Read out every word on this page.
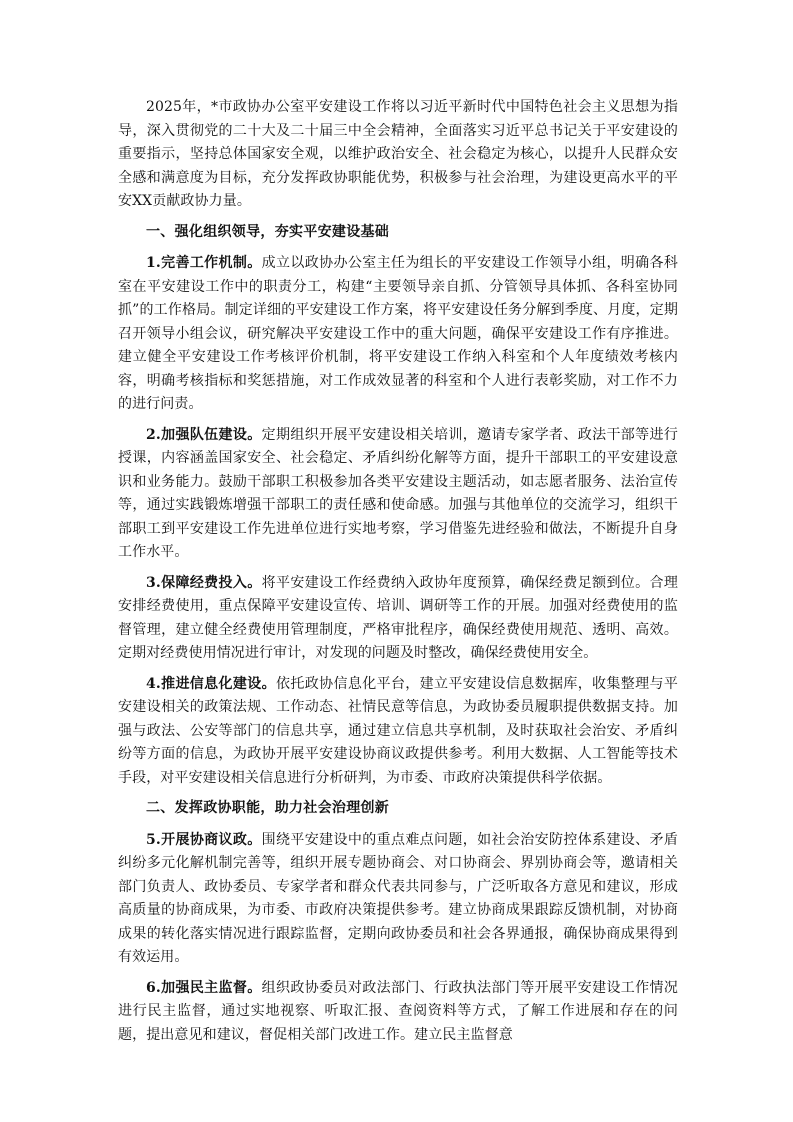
2025年，*市政协办公室平安建设工作将以习近平新时代中国特色社会主义思想为指导，深入贯彻党的二十大及二十届三中全会精神，全面落实习近平总书记关于平安建设的重要指示，坚持总体国家安全观，以维护政治安全、社会稳定为核心，以提升人民群众安全感和满意度为目标，充分发挥政协职能优势，积极参与社会治理，为建设更高水平的平安XX贡献政协力量。

一、强化组织领导，夯实平安建设基础

1.完善工作机制。成立以政协办公室主任为组长的平安建设工作领导小组，明确各科室在平安建设工作中的职责分工，构建“主要领导亲自抓、分管领导具体抓、各科室协同抓”的工作格局。制定详细的平安建设工作方案，将平安建设任务分解到季度、月度，定期召开领导小组会议，研究解决平安建设工作中的重大问题，确保平安建设工作有序推进。建立健全平安建设工作考核评价机制，将平安建设工作纳入科室和个人年度绩效考核内容，明确考核指标和奖惩措施，对工作成效显著的科室和个人进行表彰奖励，对工作不力的进行问责。

2.加强队伍建设。定期组织开展平安建设相关培训，邀请专家学者、政法干部等进行授课，内容涵盖国家安全、社会稳定、矛盾纠纷化解等方面，提升干部职工的平安建设意识和业务能力。鼓励干部职工积极参加各类平安建设主题活动，如志愿者服务、法治宣传等，通过实践锻炼增强干部职工的责任感和使命感。加强与其他单位的交流学习，组织干部职工到平安建设工作先进单位进行实地考察，学习借鉴先进经验和做法，不断提升自身工作水平。

3.保障经费投入。将平安建设工作经费纳入政协年度预算，确保经费足额到位。合理安排经费使用，重点保障平安建设宣传、培训、调研等工作的开展。加强对经费使用的监督管理，建立健全经费使用管理制度，严格审批程序，确保经费使用规范、透明、高效。定期对经费使用情况进行审计，对发现的问题及时整改，确保经费使用安全。

4.推进信息化建设。依托政协信息化平台，建立平安建设信息数据库，收集整理与平安建设相关的政策法规、工作动态、社情民意等信息，为政协委员履职提供数据支持。加强与政法、公安等部门的信息共享，通过建立信息共享机制，及时获取社会治安、矛盾纠纷等方面的信息，为政协开展平安建设协商议政提供参考。利用大数据、人工智能等技术手段，对平安建设相关信息进行分析研判，为市委、市政府决策提供科学依据。

二、发挥政协职能，助力社会治理创新

5.开展协商议政。围绕平安建设中的重点难点问题，如社会治安防控体系建设、矛盾纠纷多元化解机制完善等，组织开展专题协商会、对口协商会、界别协商会等，邀请相关部门负责人、政协委员、专家学者和群众代表共同参与，广泛听取各方意见和建议，形成高质量的协商成果，为市委、市政府决策提供参考。建立协商成果跟踪反馈机制，对协商成果的转化落实情况进行跟踪监督，定期向政协委员和社会各界通报，确保协商成果得到有效运用。

6.加强民主监督。组织政协委员对政法部门、行政执法部门等开展平安建设工作情况进行民主监督，通过实地视察、听取汇报、查阅资料等方式，了解工作进展和存在的问题，提出意见和建议，督促相关部门改进工作。建立民主监督意
